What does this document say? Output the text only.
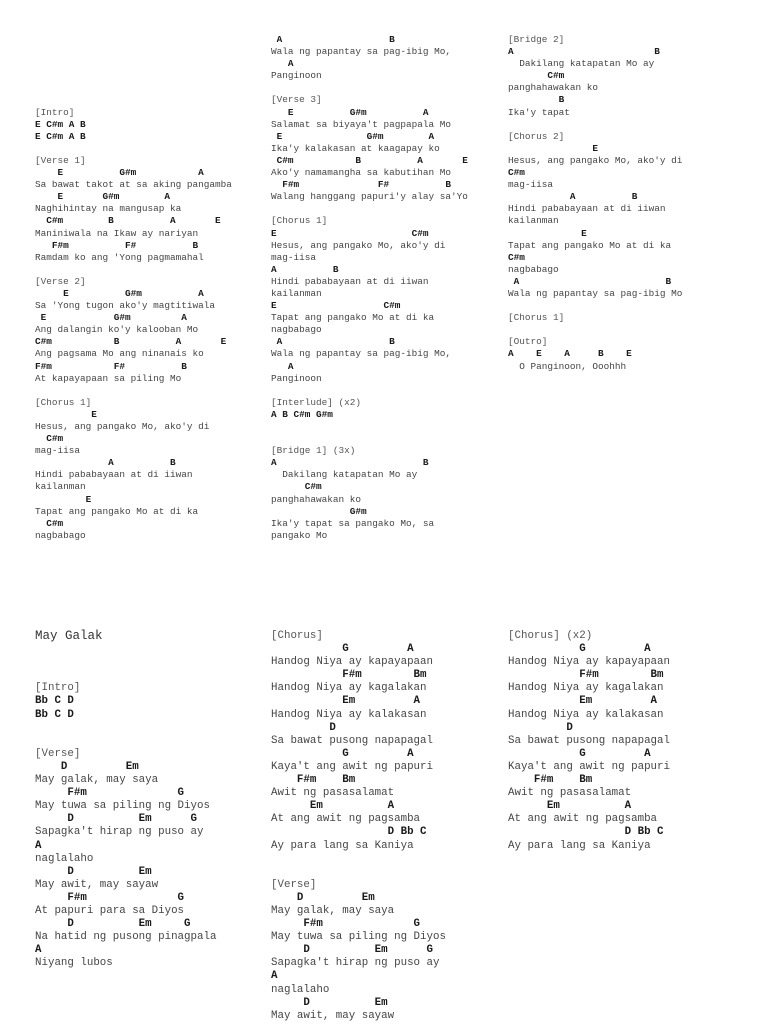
[Intro]
E C#m A B
E C#m A B
[Verse 1]
E          G#m           A
Sa bawat takot at sa aking pangamba
E       G#m        A
Naghihintay na mangusap ka
C#m        B          A       E
Maniniwala na Ikaw ay nariyan
F#m          F#          B
Ramdam ko ang 'Yong pagmamahal
[Verse 2]
E          G#m          A
Sa 'Yong tugon ako'y magtitiwala
E            G#m         A
Ang dalangin ko'y kalooban Mo
C#m           B          A       E
Ang pagsama Mo ang ninanais ko
F#m           F#          B
At kapayapaan sa piling Mo
[Chorus 1]
E
Hesus, ang pangako Mo, ako'y di
C#m
mag-iisa
A          B
Hindi pababayaan at di iiwan
kailanman
E
Tapat ang pangako Mo at di ka
C#m
nagbabago
A                   B
Wala ng papantay sa pag-ibig Mo,
A
Panginoon
[Verse 3]
E          G#m          A
Salamat sa biyaya't pagpapala Mo
E               G#m        A
Ika'y kalakasan at kaagapay ko
C#m           B          A       E
Ako'y namamangha sa kabutihan Mo
F#m              F#          B
Walang hanggang papuri'y alay sa'Yo
[Chorus 1]
E                        C#m
Hesus, ang pangako Mo, ako'y di
mag-iisa
A          B
Hindi pababayaan at di iiwan
kailanman
E                   C#m
Tapat ang pangako Mo at di ka
nagbabago
A                   B
Wala ng papantay sa pag-ibig Mo,
A
Panginoon
[Interlude] (x2)
A B C#m G#m
[Bridge 1] (3x)
A                          B
Dakilang katapatan Mo ay
C#m
panghahawakan ko
G#m
Ika'y tapat sa pangako Mo, sa
pangako Mo
[Bridge 2]
A                         B
Dakilang katapatan Mo ay
C#m
panghahawakan ko
B
Ika'y tapat
[Chorus 2]
E
Hesus, ang pangako Mo, ako'y di
C#m
mag-iisa
A          B
Hindi pababayaan at di iiwan
kailanman
E
Tapat ang pangako Mo at di ka
C#m
nagbabago
A                          B
Wala ng papantay sa pag-ibig Mo
[Chorus 1]
[Outro]
A    E    A     B    E
O Panginoon, Ooohhh
May Galak
[Intro]
Bb C D
Bb C D
[Verse]
D         Em
May galak, may saya
F#m              G
May tuwa sa piling ng Diyos
D          Em      G
Sapagka't hirap ng puso ay
A
naglalaho
D          Em
May awit, may sayaw
F#m              G
At papuri para sa Diyos
D          Em     G
Na hatid ng pusong pinagpala
A
Niyang lubos
[Chorus]
G         A
Handog Niya ay kapayapaan
F#m        Bm
Handog Niya ay kagalakan
Em         A
Handog Niya ay kalakasan
D
Sa bawat pusong napapagal
G         A
Kaya't ang awit ng papuri
F#m    Bm
Awit ng pasasalamat
Em          A
At ang awit ng pagsamba
D Bb C
Ay para lang sa Kaniya
[Verse]
D         Em
May galak, may saya
F#m              G
May tuwa sa piling ng Diyos
D          Em      G
Sapagka't hirap ng puso ay
A
naglalaho
D          Em
May awit, may sayaw
[Chorus] (x2)
G         A
Handog Niya ay kapayapaan
F#m        Bm
Handog Niya ay kagalakan
Em         A
Handog Niya ay kalakasan
D
Sa bawat pusong napapagal
G         A
Kaya't ang awit ng papuri
F#m    Bm
Awit ng pasasalamat
Em          A
At ang awit ng pagsamba
D Bb C
Ay para lang sa Kaniya
